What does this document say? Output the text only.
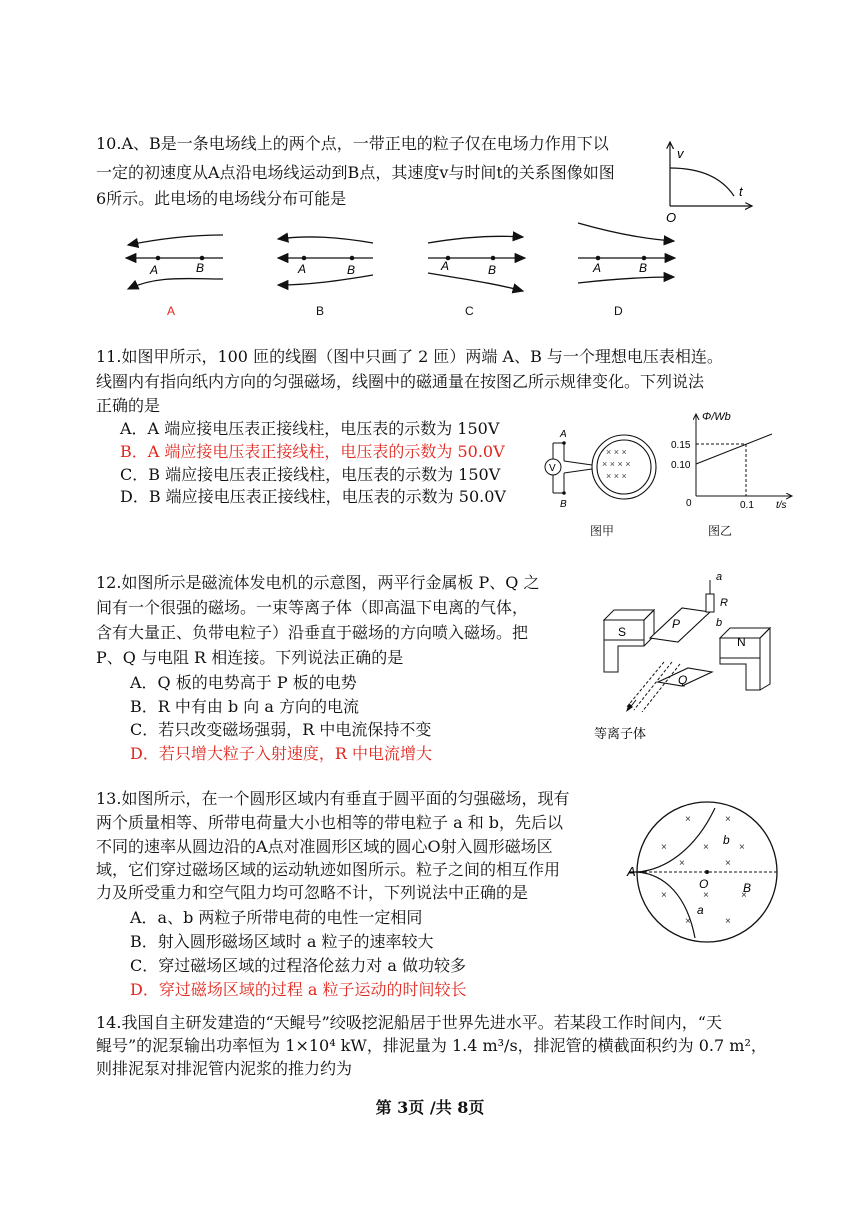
10.A、B是一条电场线上的两个点，一带正电的粒子仅在电场力作用下以
一定的初速度从A点沿电场线运动到B点，其速度v与时间t的关系图像如图
6所示。此电场的电场线分布可能是
v
t
O
A	B	A	B	A	B	A	B
A	B	C	D
11.如图甲所示，100 匝的线圈（图中只画了 2 匝）两端 A、B 与一个理想电压表相连。
线圈内有指向纸内方向的匀强磁场，线圈中的磁通量在按图乙所示规律变化。下列说法
正确的是
A．A 端应接电压表正接线柱，电压表的示数为 150V
B．A 端应接电压表正接线柱，电压表的示数为 50.0V
C．B 端应接电压表正接线柱，电压表的示数为 150V
D．B 端应接电压表正接线柱，电压表的示数为 50.0V
V
A
B
× × ×
× × × ×
× × ×
图甲
Φ/Wb
0.15
0.10
0	0.1 t/s
图乙
12.如图所示是磁流体发电机的示意图，两平行金属板 P、Q 之
间有一个很强的磁场。一束等离子体（即高温下电离的气体，
含有大量正、负带电粒子）沿垂直于磁场的方向喷入磁场。把
P、Q 与电阻 R 相连接。下列说法正确的是
A．Q 板的电势高于 P 板的电势
B．R 中有由 b 向 a 方向的电流
C．若只改变磁场强弱，R 中电流保持不变
D．若只增大粒子入射速度，R 中电流增大
S
N
P
Q
a
R
b
等离子体
13.如图所示，在一个圆形区域内有垂直于圆平面的匀强磁场，现有
两个质量相等、所带电荷量大小也相等的带电粒子 a 和 b，先后以
不同的速率从圆边沿的A点对准圆形区域的圆心O射入圆形磁场区
域，它们穿过磁场区域的运动轨迹如图所示。粒子之间的相互作用
力及所受重力和空气阻力均可忽略不计，下列说法中正确的是
A．a、b 两粒子所带电荷的电性一定相同
B．射入圆形磁场区域时 a 粒子的速率较大
C．穿过磁场区域的过程洛伦兹力对 a 做功较多
D．穿过磁场区域的过程 a 粒子运动的时间较长
×	×
×	×	×
×	×
×	×	×
×	×
A
O	B
b
a
14.我国自主研发建造的“天鲲号”绞吸挖泥船居于世界先进水平。若某段工作时间内，“天
鲲号”的泥泵输出功率恒为 1×10⁴ kW，排泥量为 1.4 m³/s，排泥管的横截面积约为 0.7 m²，
则排泥泵对排泥管内泥浆的推力约为
第 3页 /共 8页
